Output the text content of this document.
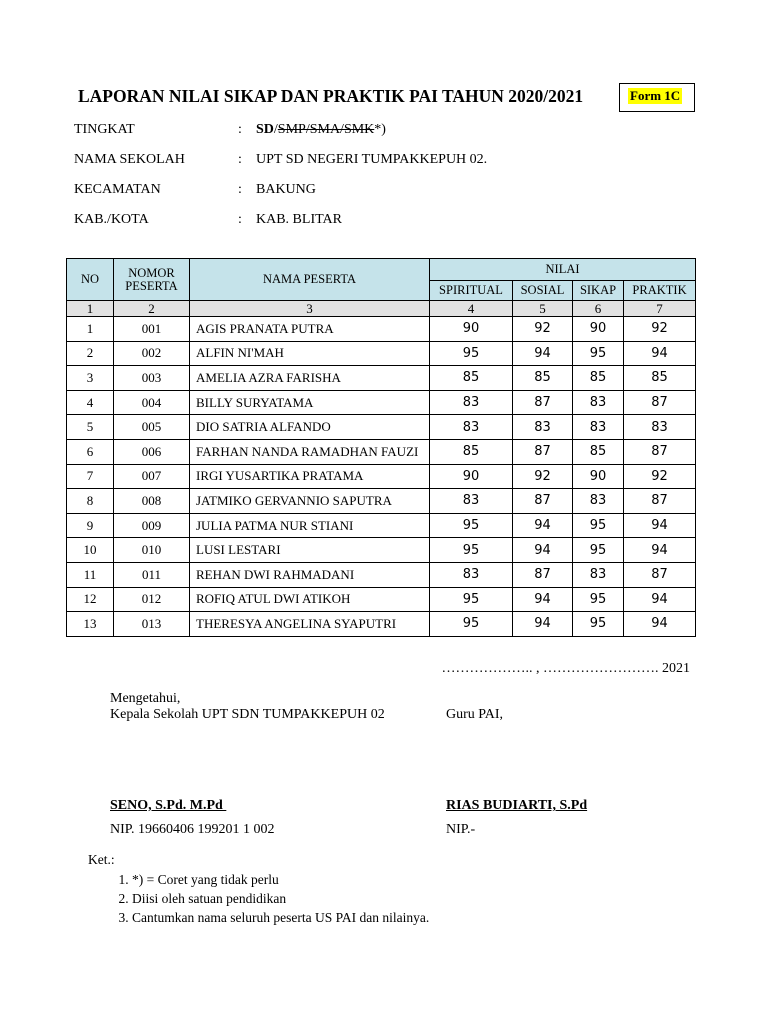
LAPORAN NILAI SIKAP DAN PRAKTIK PAI TAHUN 2020/2021	Form 1C
TINGKAT	: SD/SMP/SMA/SMK*)
NAMA SEKOLAH	: UPT SD NEGERI TUMPAKKEPUH 02.
KECAMATAN	: BAKUNG
KAB./KOTA	: KAB. BLITAR
NO	NOMOR PESERTA	NAMA PESERTA	NILAI			
			SPIRITUAL	SOSIAL	SIKAP	PRAKTIK
1	2	3	4	5	6	7
1	001	AGIS PRANATA PUTRA	90	92	90	92
2	002	ALFIN NI'MAH	95	94	95	94
3	003	AMELIA AZRA FARISHA	85	85	85	85
4	004	BILLY SURYATAMA	83	87	83	87
5	005	DIO SATRIA ALFANDO	83	83	83	83
6	006	FARHAN NANDA RAMADHAN FAUZI	85	87	85	87
7	007	IRGI YUSARTIKA PRATAMA	90	92	90	92
8	008	JATMIKO GERVANNIO SAPUTRA	83	87	83	87
9	009	JULIA PATMA NUR STIANI	95	94	95	94
10	010	LUSI LESTARI	95	94	95	94
11	011	REHAN DWI RAHMADANI	83	87	83	87
12	012	ROFIQ ATUL DWI ATIKOH	95	94	95	94
13	013	THERESYA ANGELINA SYAPUTRI	95	94	95	94
……………….. , ……………………. 2021
Mengetahui,
Kepala Sekolah UPT SDN TUMPAKKEPUH 02	Guru PAI,
SENO, S.Pd. M.Pd	RIAS BUDIARTI, S.Pd
NIP. 19660406 199201 1 002	NIP.-
Ket.:
1. *) = Coret yang tidak perlu
2. Diisi oleh satuan pendidikan
3. Cantumkan nama seluruh peserta US PAI dan nilainya.
